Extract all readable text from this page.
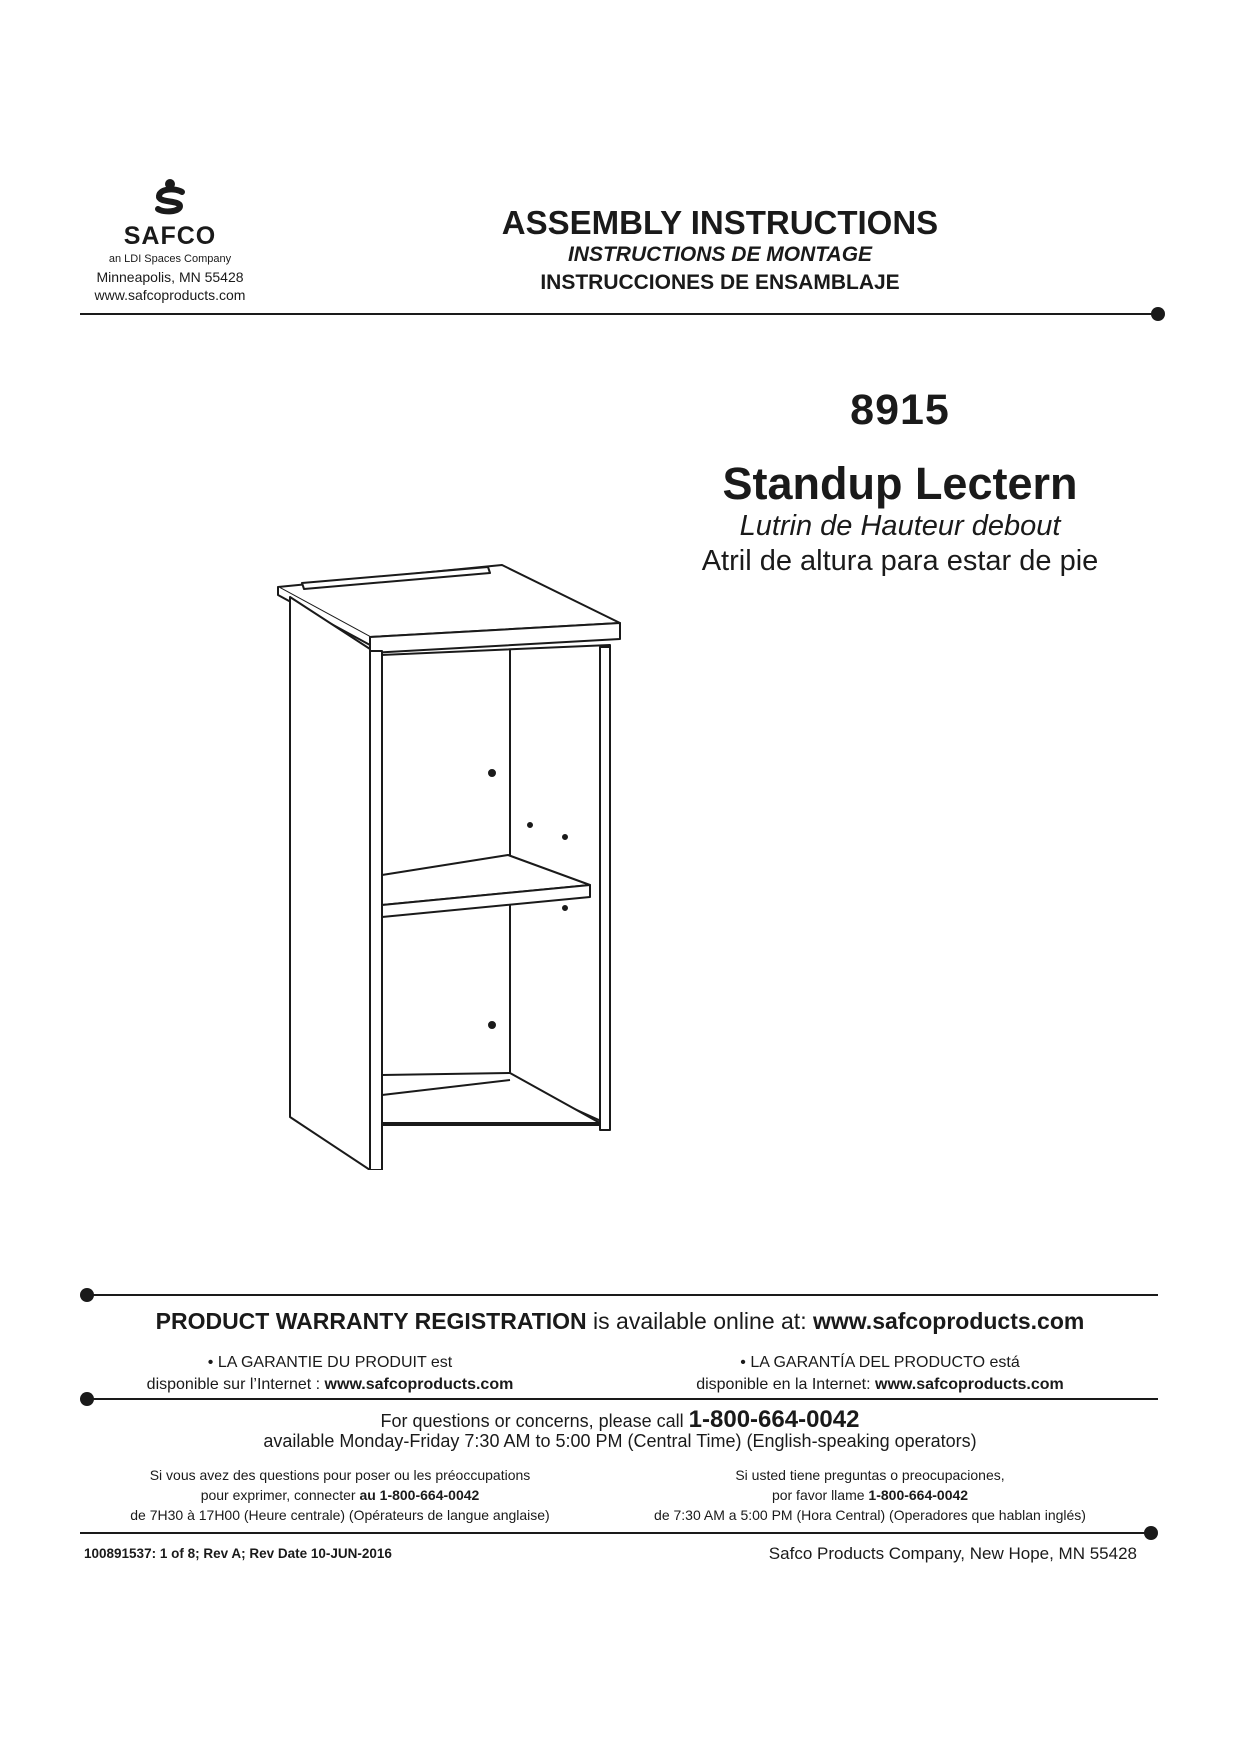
SAFCO
an LDI Spaces Company
Minneapolis, MN 55428
www.safcoproducts.com
ASSEMBLY INSTRUCTIONS
INSTRUCTIONS DE MONTAGE
INSTRUCCIONES DE ENSAMBLAJE
8915
Standup Lectern
Lutrin de Hauteur debout
Atril de altura para estar de pie
PRODUCT WARRANTY REGISTRATION is available online at: www.safcoproducts.com
• LA GARANTIE DU PRODUIT est
disponible sur l’Internet : www.safcoproducts.com
• LA GARANTÍA DEL PRODUCTO está
disponible en la Internet: www.safcoproducts.com
For questions or concerns, please call 1-800-664-0042
available Monday-Friday 7:30 AM to 5:00 PM (Central Time) (English-speaking operators)
Si vous avez des questions pour poser ou les préoccupations
pour exprimer, connecter au 1-800-664-0042
de 7H30 à 17H00 (Heure centrale) (Opérateurs de langue anglaise)
Si usted tiene preguntas o preocupaciones,
por favor llame 1-800-664-0042
de 7:30 AM a 5:00 PM (Hora Central) (Operadores que hablan inglés)
100891537: 1 of 8; Rev A; Rev Date 10-JUN-2016	Safco Products Company, New Hope, MN 55428
